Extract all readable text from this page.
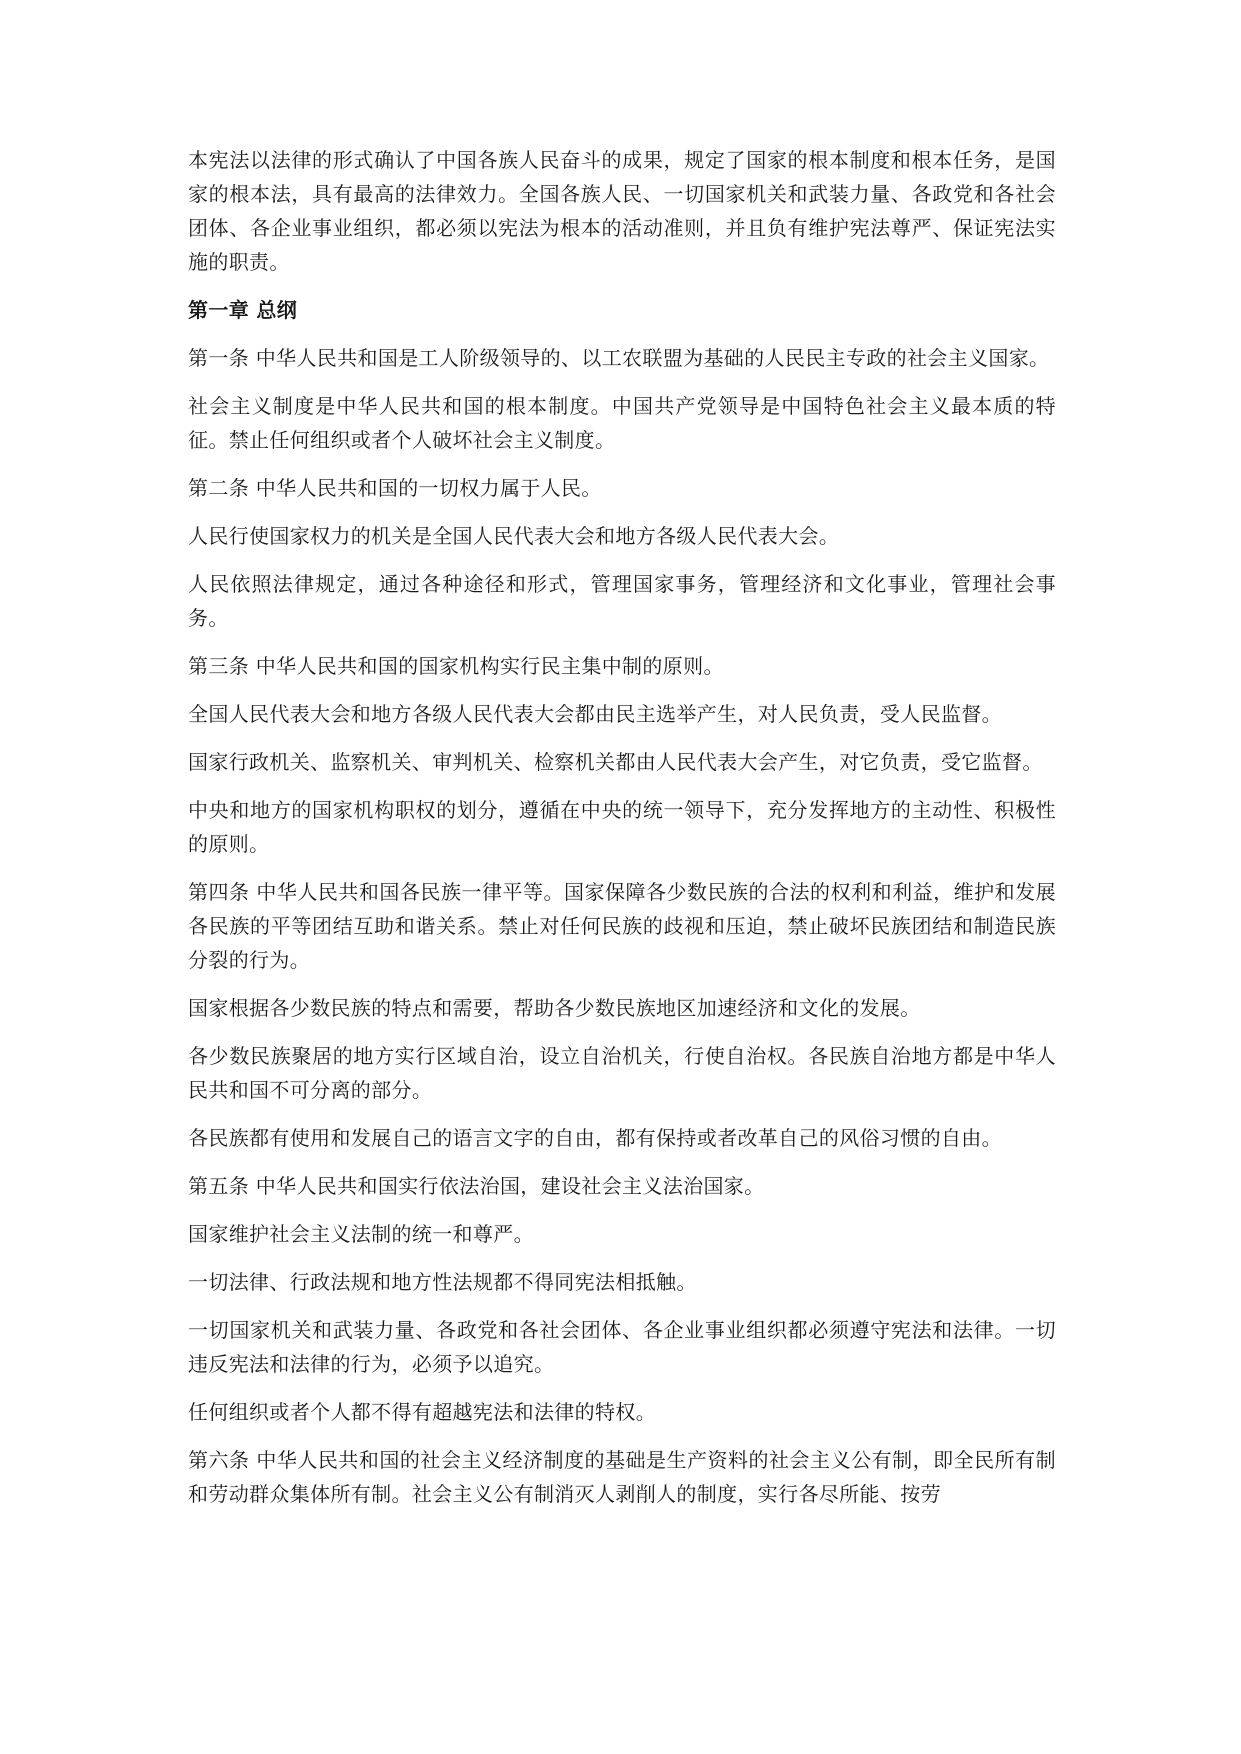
本宪法以法律的形式确认了中国各族人民奋斗的成果，规定了国家的根本制度和根本任务，是国家的根本法，具有最高的法律效力。全国各族人民、一切国家机关和武装力量、各政党和各社会团体、各企业事业组织，都必须以宪法为根本的活动准则，并且负有维护宪法尊严、保证宪法实施的职责。

第一章 总纲

第一条 中华人民共和国是工人阶级领导的、以工农联盟为基础的人民民主专政的社会主义国家。

社会主义制度是中华人民共和国的根本制度。中国共产党领导是中国特色社会主义最本质的特征。禁止任何组织或者个人破坏社会主义制度。

第二条 中华人民共和国的一切权力属于人民。

人民行使国家权力的机关是全国人民代表大会和地方各级人民代表大会。

人民依照法律规定，通过各种途径和形式，管理国家事务，管理经济和文化事业，管理社会事务。

第三条 中华人民共和国的国家机构实行民主集中制的原则。

全国人民代表大会和地方各级人民代表大会都由民主选举产生，对人民负责，受人民监督。

国家行政机关、监察机关、审判机关、检察机关都由人民代表大会产生，对它负责，受它监督。

中央和地方的国家机构职权的划分，遵循在中央的统一领导下，充分发挥地方的主动性、积极性的原则。

第四条 中华人民共和国各民族一律平等。国家保障各少数民族的合法的权利和利益，维护和发展各民族的平等团结互助和谐关系。禁止对任何民族的歧视和压迫，禁止破坏民族团结和制造民族分裂的行为。

国家根据各少数民族的特点和需要，帮助各少数民族地区加速经济和文化的发展。

各少数民族聚居的地方实行区域自治，设立自治机关，行使自治权。各民族自治地方都是中华人民共和国不可分离的部分。

各民族都有使用和发展自己的语言文字的自由，都有保持或者改革自己的风俗习惯的自由。

第五条 中华人民共和国实行依法治国，建设社会主义法治国家。

国家维护社会主义法制的统一和尊严。

一切法律、行政法规和地方性法规都不得同宪法相抵触。

一切国家机关和武装力量、各政党和各社会团体、各企业事业组织都必须遵守宪法和法律。一切违反宪法和法律的行为，必须予以追究。

任何组织或者个人都不得有超越宪法和法律的特权。

第六条 中华人民共和国的社会主义经济制度的基础是生产资料的社会主义公有制，即全民所有制和劳动群众集体所有制。社会主义公有制消灭人剥削人的制度，实行各尽所能、按劳
